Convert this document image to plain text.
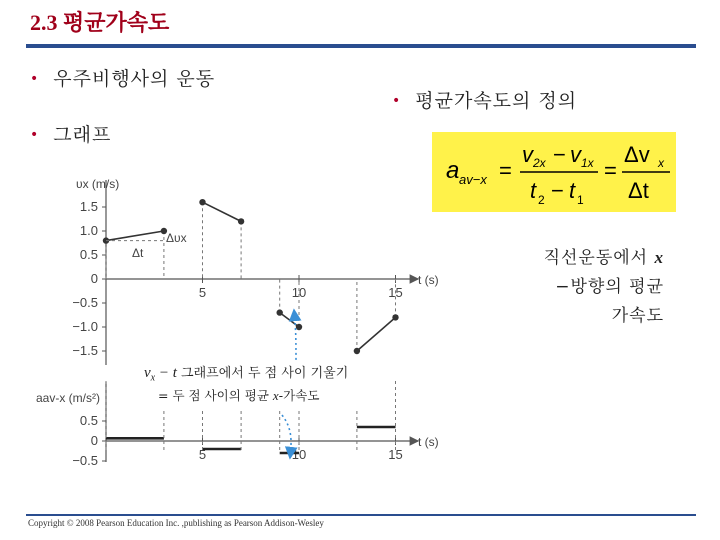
2.3 평균가속도
• 우주비행사의 운동
• 그래프
• 평균가속도의 정의
a av−x =
v 2x − v 1x
t 2 − t 1
=
Δv x
Δt
직선운동에서 x
−방향의 평균
가속도
υx (m/s)
t (s)
1.5
1.0
0.5
0
−0.5
−1.0
−1.5
5	10	15
Δυx
Δt
aav-x (m/s²)
t (s)
0.5
0
−0.5	5	10	15
$v_x - t$ 그래프에서 두 점 사이 기울기
= 두 점 사이의 평균 x-가속도
Copyright © 2008 Pearson Education Inc. ,publishing as Pearson Addison-Wesley
